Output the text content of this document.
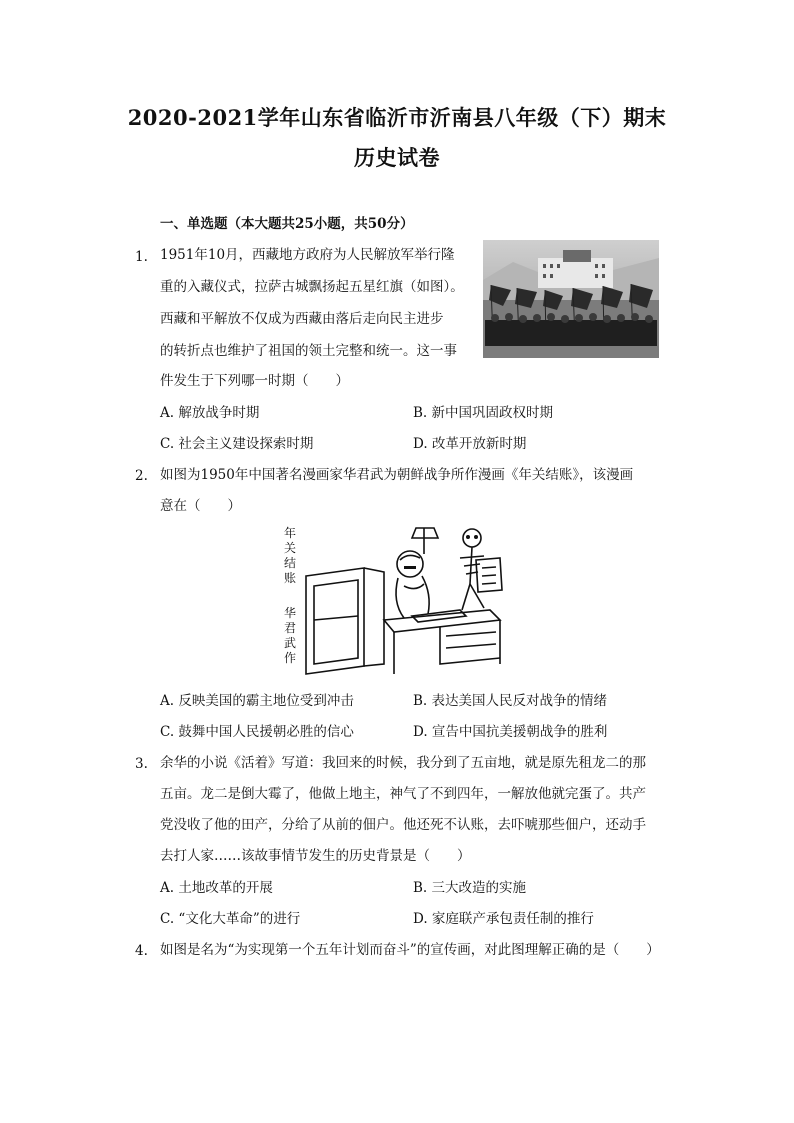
2020-2021学年山东省临沂市沂南县八年级（下）期末
历史试卷
一、单选题（本大题共25小题，共50分）
1. 1951年10月，西藏地方政府为人民解放军举行隆
重的入藏仪式，拉萨古城飘扬起五星红旗（如图）。
西藏和平解放不仅成为西藏由落后走向民主进步
的转折点也维护了祖国的领土完整和统一。这一事
件发生于下列哪一时期（　　）
A. 解放战争时期	B. 新中国巩固政权时期
C. 社会主义建设探索时期	D. 改革开放新时期
2. 如图为1950年中国著名漫画家华君武为朝鲜战争所作漫画《年关结账》，该漫画
意在（　　）
年
关
结
账
华
君
武
作
A. 反映美国的霸主地位受到冲击	B. 表达美国人民反对战争的情绪
C. 鼓舞中国人民援朝必胜的信心	D. 宣告中国抗美援朝战争的胜利
3. 余华的小说《活着》写道：我回来的时候，我分到了五亩地，就是原先租龙二的那
五亩。龙二是倒大霉了，他做上地主，神气了不到四年，一解放他就完蛋了。共产
党没收了他的田产，分给了从前的佃户。他还死不认账，去吓唬那些佃户，还动手
去打人家……该故事情节发生的历史背景是（　　）
A. 土地改革的开展	B. 三大改造的实施
C. “文化大革命”的进行	D. 家庭联产承包责任制的推行
4. 如图是名为“为实现第一个五年计划而奋斗”的宣传画，对此图理解正确的是（　　）
